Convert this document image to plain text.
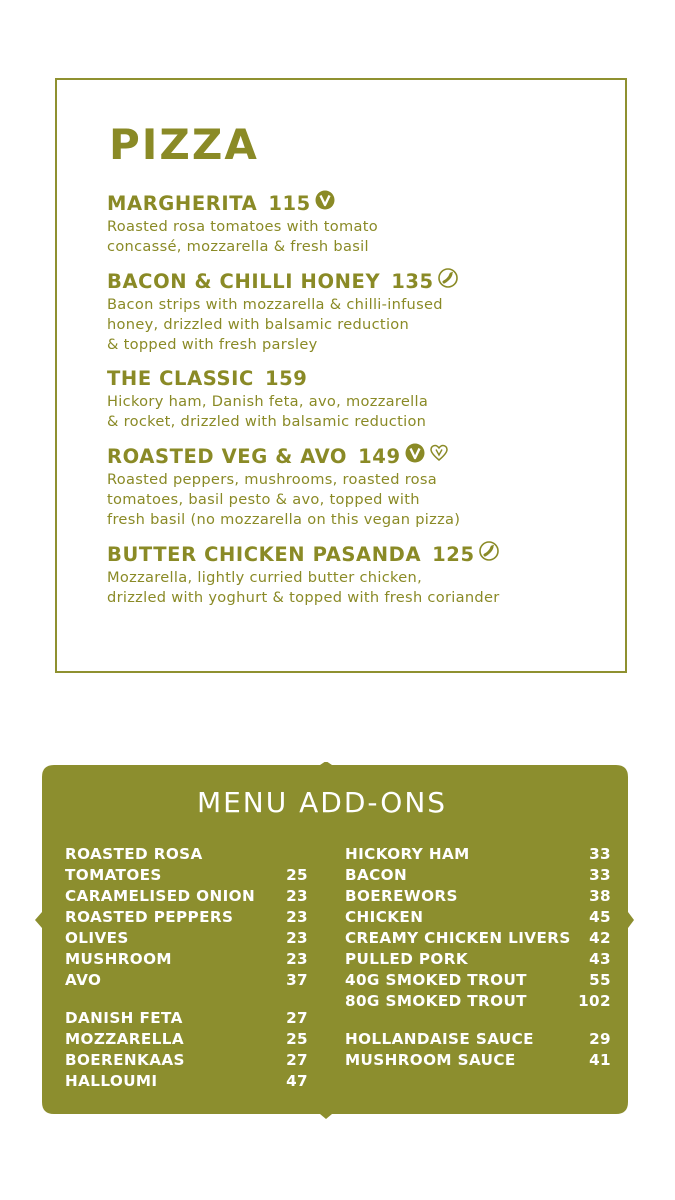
PIZZA
MARGHERITA 115
Roasted rosa tomatoes with tomato
concassé, mozzarella & fresh basil
BACON & CHILLI HONEY 135
Bacon strips with mozzarella & chilli-infused
honey, drizzled with balsamic reduction
& topped with fresh parsley
THE CLASSIC 159
Hickory ham, Danish feta, avo, mozzarella
& rocket, drizzled with balsamic reduction
ROASTED VEG & AVO 149
Roasted peppers, mushrooms, roasted rosa
tomatoes, basil pesto & avo, topped with
fresh basil (no mozzarella on this vegan pizza)
BUTTER CHICKEN PASANDA 125
Mozzarella, lightly curried butter chicken,
drizzled with yoghurt & topped with fresh coriander
MENU ADD-ONS
ROASTED ROSA
TOMATOES	25
CARAMELISED ONION 23
ROASTED PEPPERS	23
OLIVES	23
MUSHROOM	23
AVO	37
DANISH FETA	27
MOZZARELLA	25
BOERENKAAS	27
HALLOUMI	47
HICKORY HAM	33
BACON	33
BOEREWORS	38
CHICKEN	45
CREAMY CHICKEN LIVERS 42
PULLED PORK	43
40G SMOKED TROUT	55
80G SMOKED TROUT	102
HOLLANDAISE SAUCE	29
MUSHROOM SAUCE	41
